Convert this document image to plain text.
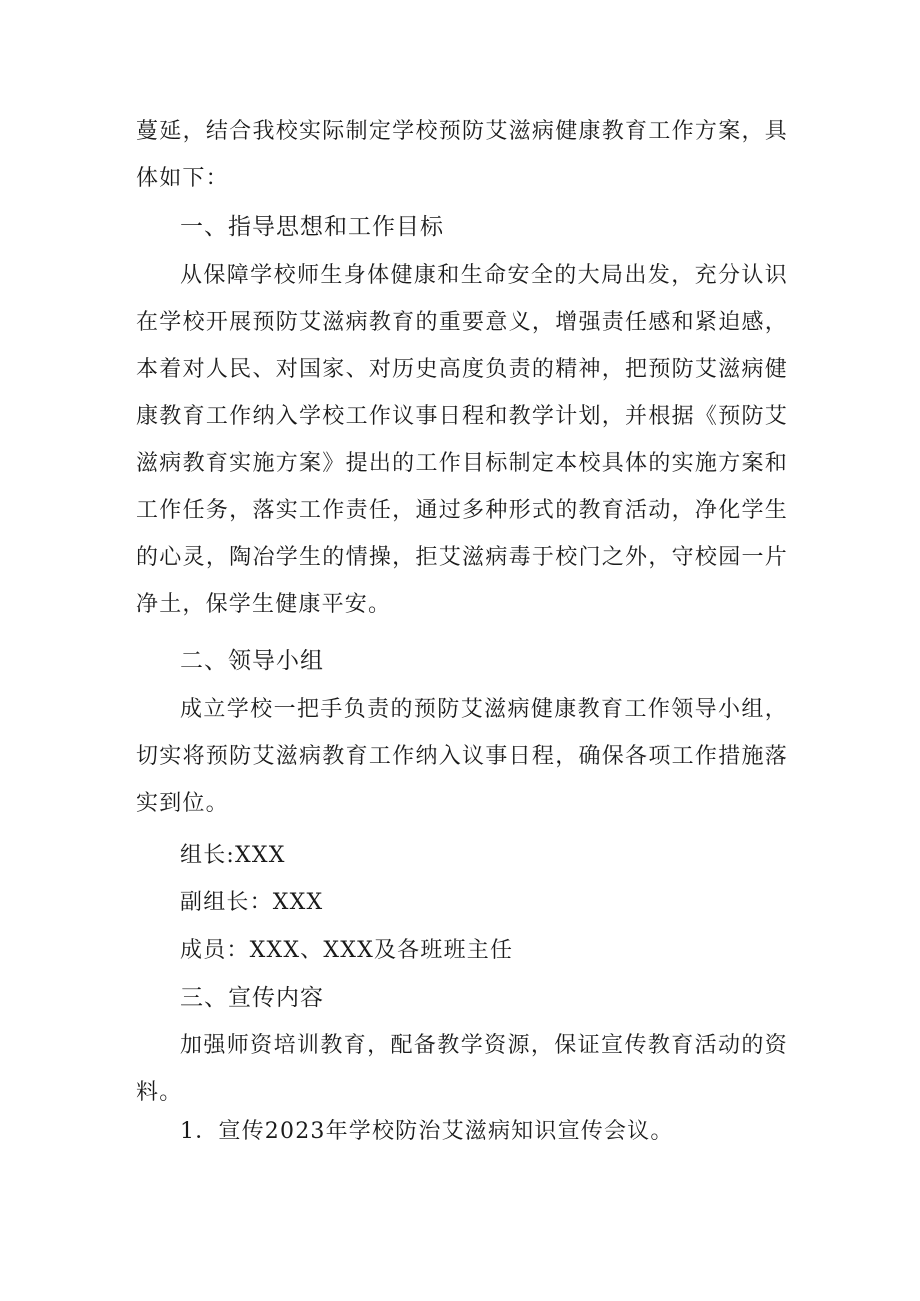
蔓延，结合我校实际制定学校预防艾滋病健康教育工作方案，具体如下：

一、指导思想和工作目标

从保障学校师生身体健康和生命安全的大局出发，充分认识在学校开展预防艾滋病教育的重要意义，增强责任感和紧迫感，本着对人民、对国家、对历史高度负责的精神，把预防艾滋病健康教育工作纳入学校工作议事日程和教学计划，并根据《预防艾滋病教育实施方案》提出的工作目标制定本校具体的实施方案和工作任务，落实工作责任，通过多种形式的教育活动，净化学生的心灵，陶冶学生的情操，拒艾滋病毒于校门之外，守校园一片净土，保学生健康平安。

二、领导小组

成立学校一把手负责的预防艾滋病健康教育工作领导小组，切实将预防艾滋病教育工作纳入议事日程，确保各项工作措施落实到位。

组长:XXX

副组长：XXX

成员：XXX、XXX及各班班主任

三、宣传内容

加强师资培训教育，配备教学资源，保证宣传教育活动的资料。

1．宣传2023年学校防治艾滋病知识宣传会议。
